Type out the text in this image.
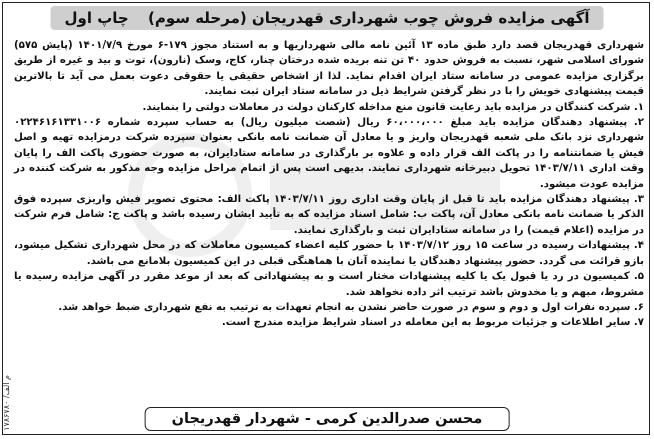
آگهی مزایده فروش چوب شهرداری قهدریجان (مرحله سوم) چاپ اول

شهرداری قهدریجان قصد دارد طبق ماده ۱۳ آئین نامه مالی شهرداریها و به استناد مجوز ۱۷۹-۶ مورخ ۱۴۰۱/۷/۹ (پایش ۵۷۵) شورای اسلامی شهر، نسبت به فروش حدود ۴۰ تن تنه بریده شده درختان چنار، کاج، وسک (نارون)، توت و بید و غیره از طریق برگزاری مزایده عمومی در سامانه ستاد ایران اقدام نماید. لذا از اشخاص حقیقی یا حقوقی دعوت بعمل می آید تا بالاترین قیمت پیشنهادی خویش را با در نظر گرفتن شرایط ذیل در سامانه ستاد ایران ثبت نمایند.

۱. شرکت کنندگان در مزایده باید رعایت قانون منع مداخله کارکنان دولت در معاملات دولتی را بنمایند.

۲. پیشنهاد دهندگان مزایده باید مبلغ ۶۰،۰۰۰،۰۰۰ ریال (شصت میلیون ریال) به حساب سپرده شماره ۰۲۲۴۶۱۶۱۳۳۱۰۰۶ شهرداری نزد بانک ملی شعبه قهدریجان واریز و یا معادل آن ضمانت نامه بانکی بعنوان سپرده شرکت درمزایده تهیه و اصل فیش یا ضمانتنامه را در پاکت الف قرار داده و علاوه بر بارگذاری در سامانه ستادایران، به صورت حضوری پاکت الف را پایان وقت اداری ۱۴۰۳/۷/۱۱ تحویل دبیرخانه شهرداری نمایند. بدیهی است پس از اتمام مراحل مزایده وجه مذکور به شرکت کننده در مزایده عودت میشود.

۳. پیشنهاد دهندگان مزایده باید تا قبل از پایان وقت اداری روز ۱۴۰۳/۷/۱۱ پاکت الف: محتوی تصویر فیش واریزی سپرده فوق الذکر یا ضمانت نامه بانکی معادل آن، پاکت ب: شامل اسناد مزایده که به تأیید ایشان رسیده باشد و پاکت ج: شامل فرم شرکت در مزایده (اعلام قیمت) را در سامانه ستادایران ثبت و بارگذاری نمایند.

۴. پیشنهادات رسیده در ساعت ۱۵ روز ۱۴۰۳/۷/۱۲ با حضور کلیه اعضاء کمیسیون معاملات که در محل شهرداری تشکیل میشود، بازو قرائت می گردد. حضور پیشنهاد دهندگان یا نماینده آنان با هماهنگی قبلی در این کمیسیون بلامانع می باشد.

۵. کمیسیون در رد یا قبول یک یا کلیه پیشنهادات مختار است و به پیشنهاداتی که بعد از موعد مقرر در آگهی مزایده رسیده یا مشروط، مبهم و یا مخدوش باشد ترتیب اثر داده نخواهد شد.

۶. سپرده نفرات اول و دوم و سوم در صورت حاضر نشدن به انجام تعهدات به ترتیب به نفع شهرداری ضبط خواهد شد.

۷. سایر اطلاعات و جزئیات مربوط به این معامله در اسناد شرایط مزایده مندرج است.

محسن صدرالدین کرمی - شهردار قهدریجان
م الف/ ۱۷۸۶۷۸۰
